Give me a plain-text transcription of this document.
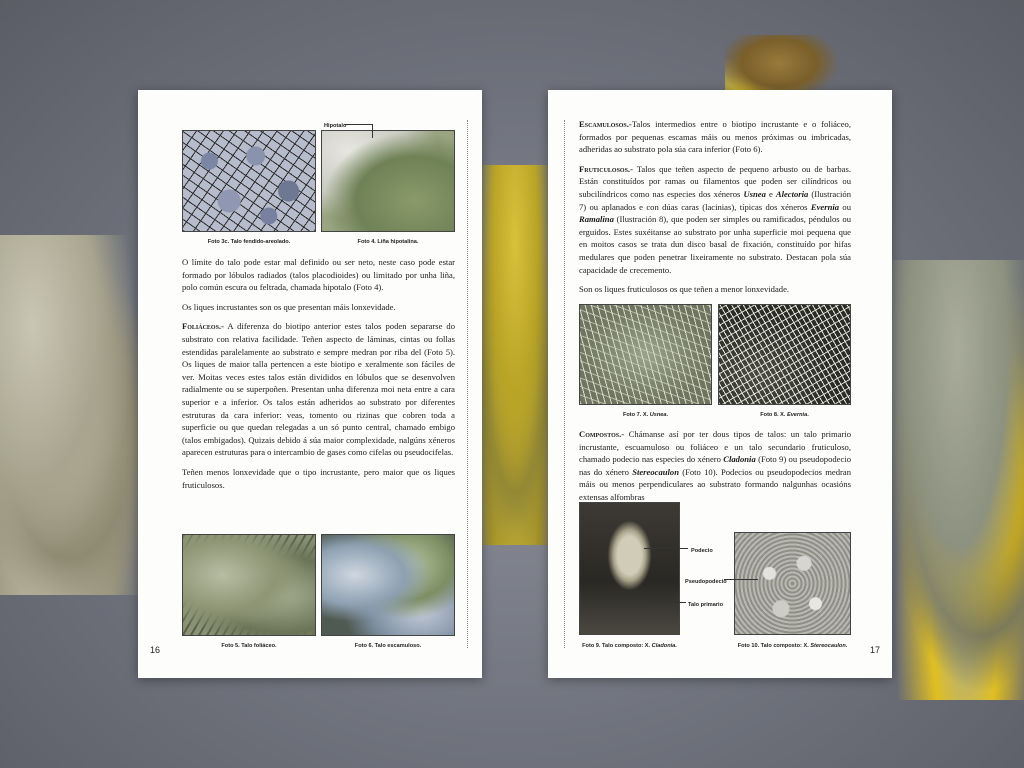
Hipotalo
Foto 3c. Talo fendido-areolado.	Foto 4. Liña hipotalina.

O límite do talo pode estar mal definido ou ser neto, neste caso pode estar formado por lóbulos radiados (talos placodioides) ou limitado por unha liña, polo común escura ou feltrada, chamada hipotalo (Foto 4).

Os liques incrustantes son os que presentan máis lonxevidade.

Foliáceos.- A diferenza do biotipo anterior estes talos poden separarse do substrato con relativa facilidade. Teñen aspecto de láminas, cintas ou follas estendidas paralelamente ao substrato e sempre medran por riba del (Foto 5). Os liques de maior talla pertencen a este biotipo e xeralmente son fáciles de ver. Moitas veces estes talos están divididos en lóbulos que se desenvolven radialmente ou se superpoñen. Presentan unha diferenza moi neta entre a cara superior e a inferior. Os talos están adheridos ao substrato por diferentes estruturas da cara inferior: veas, tomento ou rizinas que cobren toda a superficie ou que quedan relegadas a un só punto central, chamado embigo (talos embigados). Quizais debido á súa maior complexidade, nalgúns xéneros aparecen estruturas para o intercambio de gases como cifelas ou pseudocifelas.

Teñen menos lonxevidade que o tipo incrustante, pero maior que os liques fruticulosos.

Foto 5. Talo foliáceo.	Foto 6. Talo escamuloso.
16

Escamulosos.-Talos intermedios entre o biotipo incrustante e o foliáceo, formados por pequenas escamas máis ou menos próximas ou imbricadas, adheridas ao substrato pola súa cara inferior (Foto 6).

Fruticulosos.- Talos que teñen aspecto de pequeno arbusto ou de barbas. Están constituídos por ramas ou filamentos que poden ser cilíndricos ou subcilíndricos como nas especies dos xéneros Usnea e Alectoria (Ilustración 7) ou aplanados e con dúas caras (lacinias), típicas dos xéneros Evernia ou Ramalina (Ilustración 8), que poden ser simples ou ramificados, péndulos ou erguidos. Estes suxéitanse ao substrato por unha superficie moi pequena que en moitos casos se trata dun disco basal de fixación, constituído por hifas medulares que poden penetrar lixeiramente no substrato. Destacan pola súa capacidade de crecemento.

Son os liques fruticulosos os que teñen a menor lonxevidade.

Foto 7. X. Usnea.	Foto 8. X. Evernia.

Compostos.- Chámanse así por ter dous tipos de talos: un talo primario incrustante, escuamuloso ou foliáceo e un talo secundario fruticuloso, chamado podecio nas especies do xénero Cladonia (Foto 9) ou pseudopodecio nas do xénero Stereocaulon (Foto 10). Podecios ou pseudopodecios medran máis ou menos perpendiculares ao substrato formando nalgunhas ocasións extensas alfombras

Podecio
Pseudopodecio
Talo primario
Foto 9. Talo composto: X. Cladonia.	Foto 10. Talo composto: X. Stereocaulon.	17
